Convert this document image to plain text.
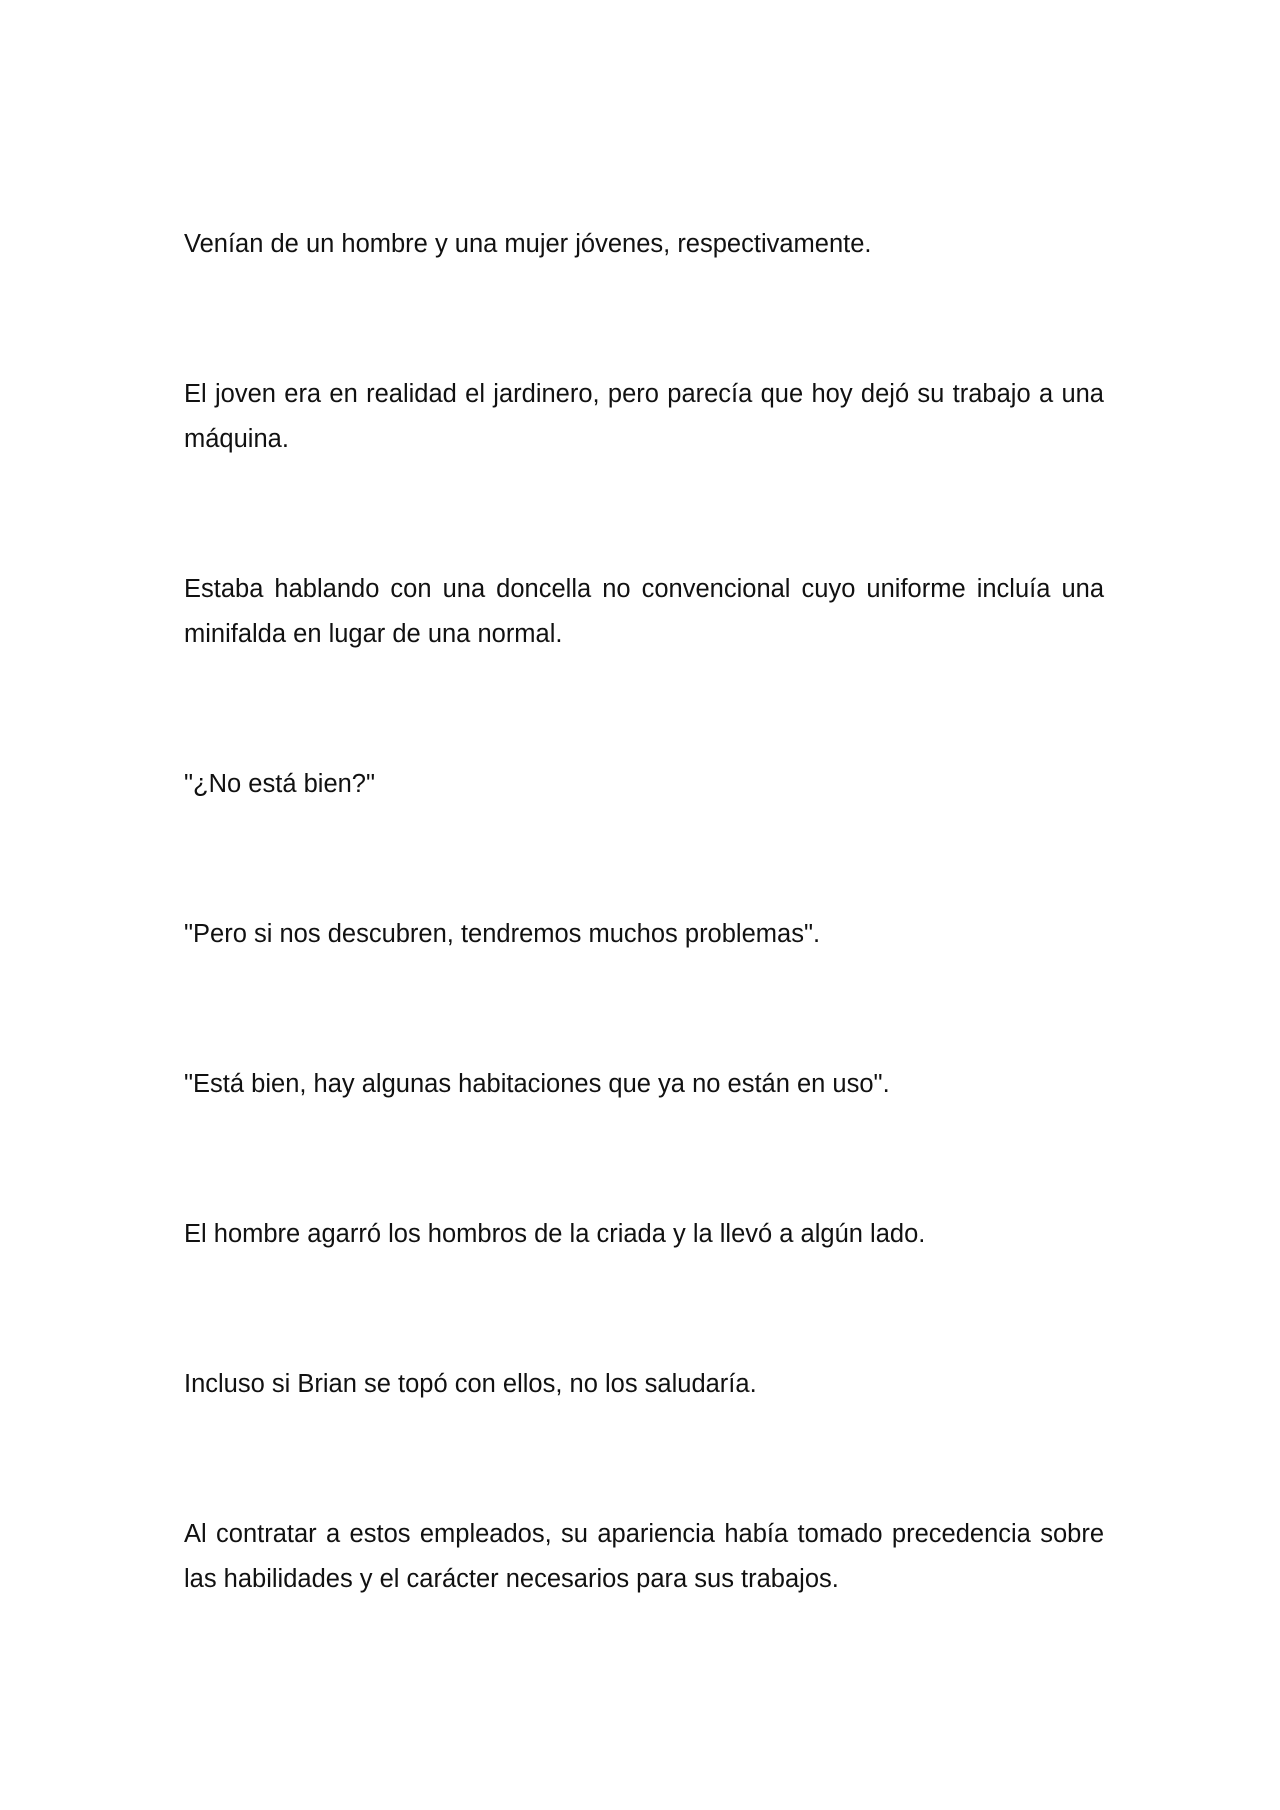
Venían de un hombre y una mujer jóvenes, respectivamente.

El joven era en realidad el jardinero, pero parecía que hoy dejó su trabajo a una máquina.

Estaba hablando con una doncella no convencional cuyo uniforme incluía una minifalda en lugar de una normal.

"¿No está bien?"

"Pero si nos descubren, tendremos muchos problemas".

"Está bien, hay algunas habitaciones que ya no están en uso".

El hombre agarró los hombros de la criada y la llevó a algún lado.

Incluso si Brian se topó con ellos, no los saludaría.

Al contratar a estos empleados, su apariencia había tomado precedencia sobre las habilidades y el carácter necesarios para sus trabajos.
